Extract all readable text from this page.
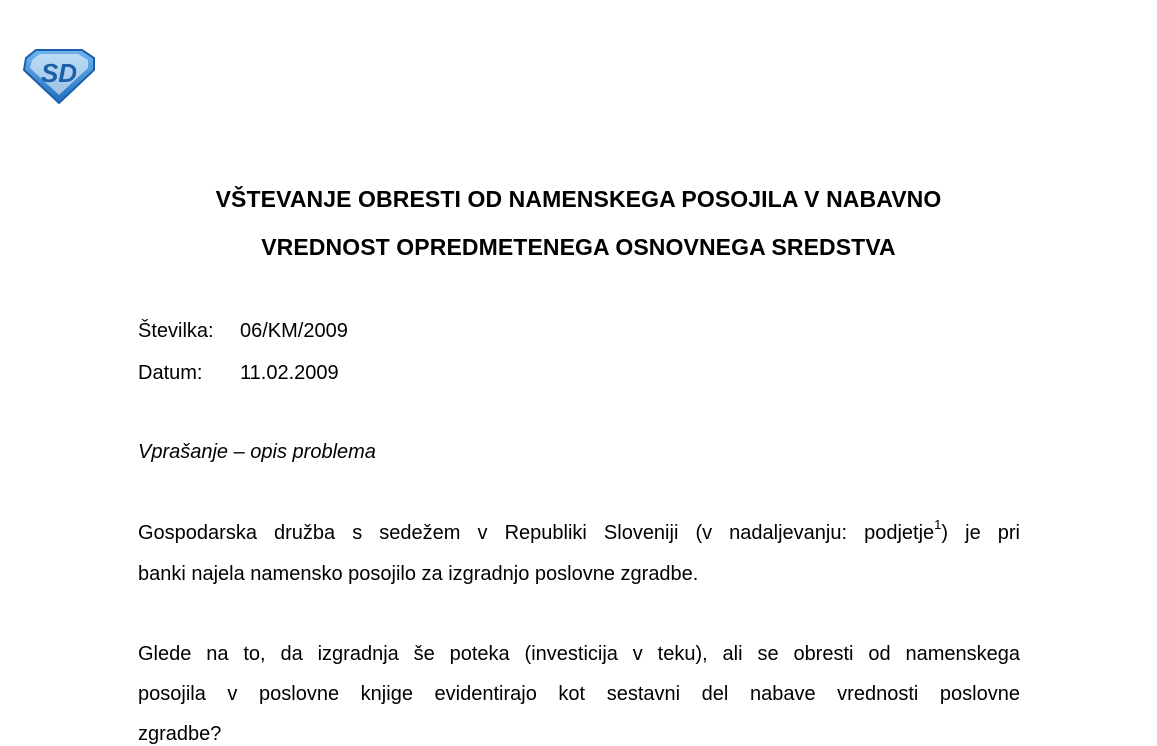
SD
VŠTEVANJE OBRESTI OD NAMENSKEGA POSOJILA V NABAVNO
VREDNOST OPREDMETENEGA OSNOVNEGA SREDSTVA
Številka: 06/KM/2009
Datum: 11.02.2009
Vprašanje – opis problema
Gospodarska družba s sedežem v Republiki Sloveniji (v nadaljevanju: podjetje$^1$) je pri
banki najela namensko posojilo za izgradnjo poslovne zgradbe.
Glede na to, da izgradnja še poteka (investicija v teku), ali se obresti od namenskega
posojila v poslovne knjige evidentirajo kot sestavni del nabave vrednosti poslovne
zgradbe?
